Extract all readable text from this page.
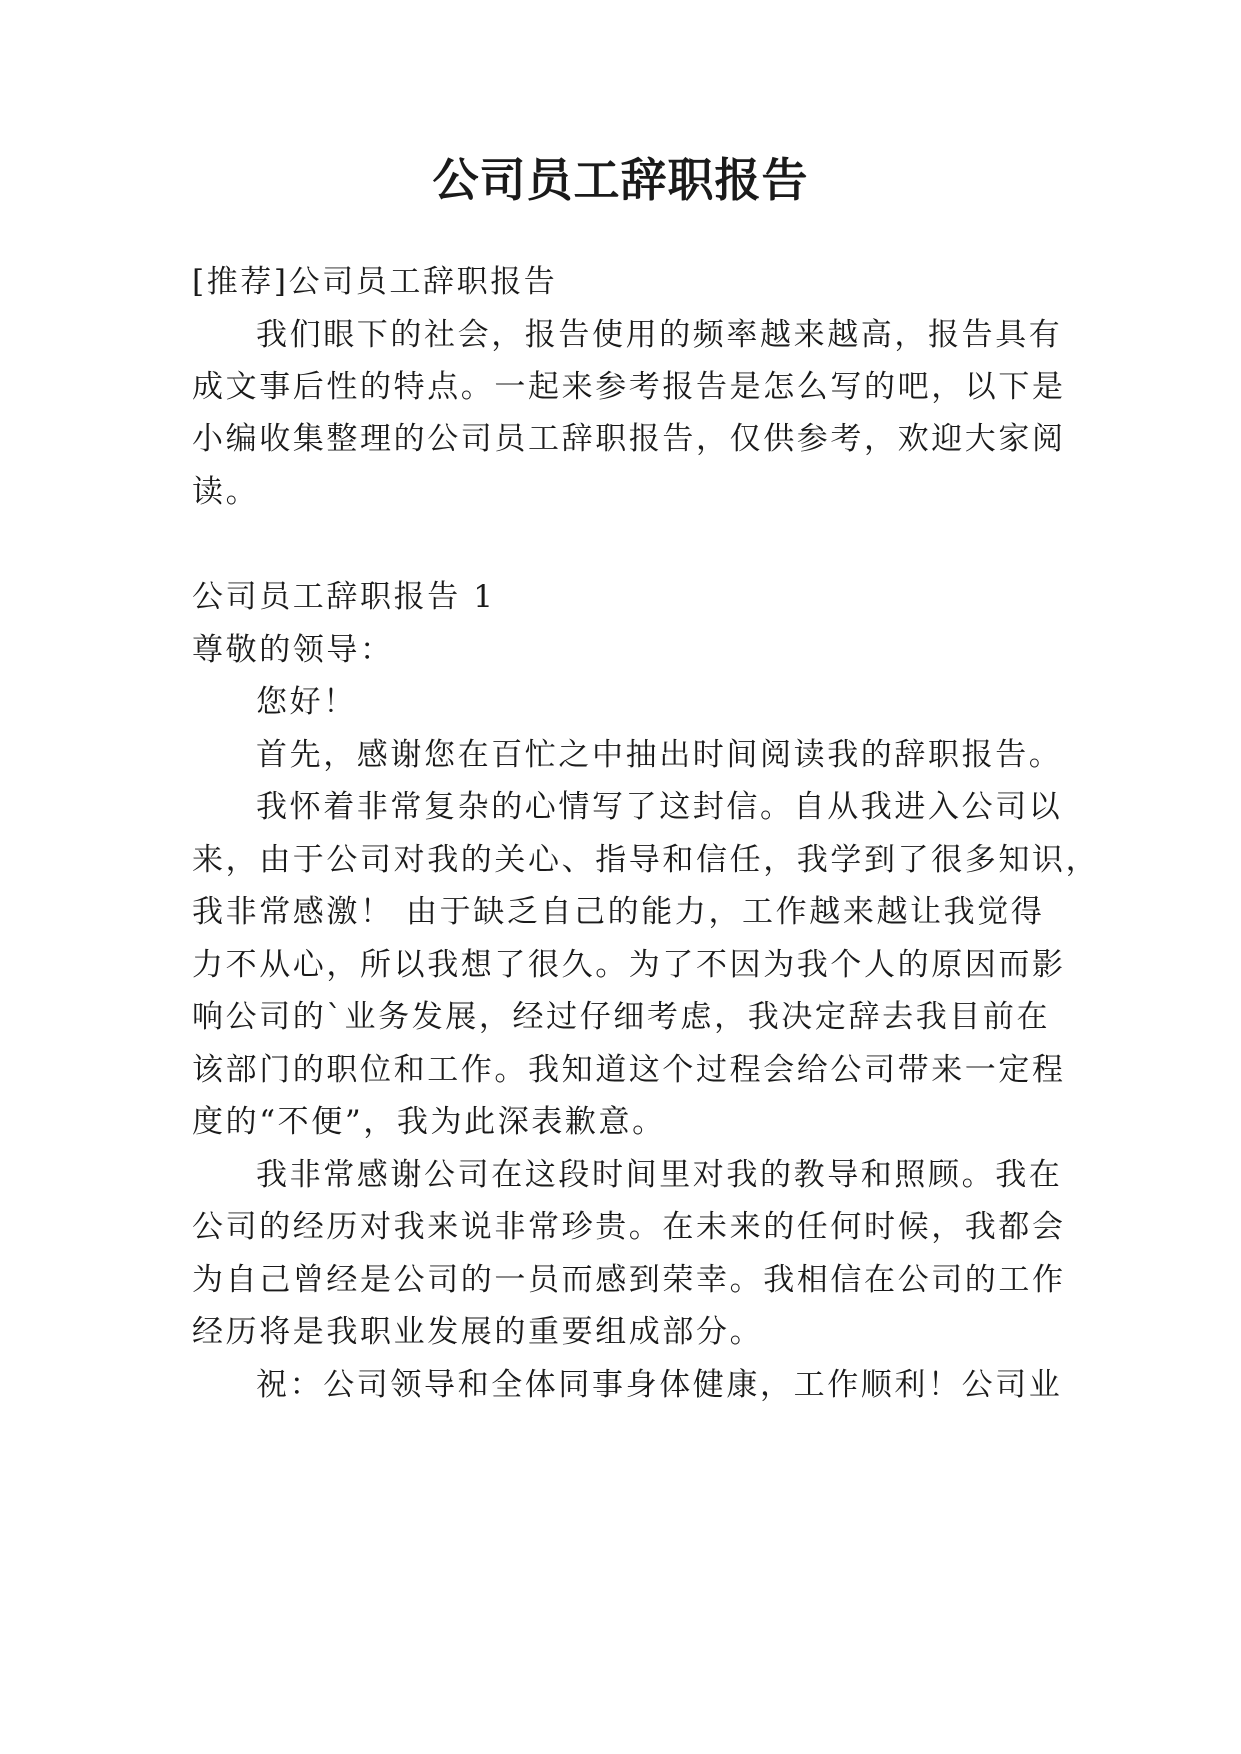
公司员工辞职报告

[推荐]公司员工辞职报告

我们眼下的社会，报告使用的频率越来越高，报告具有

成文事后性的特点。一起来参考报告是怎么写的吧，以下是

小编收集整理的公司员工辞职报告，仅供参考，欢迎大家阅

读。

公司员工辞职报告 1

尊敬的领导：

您好！

首先，感谢您在百忙之中抽出时间阅读我的辞职报告。

我怀着非常复杂的心情写了这封信。自从我进入公司以

来，由于公司对我的关心、指导和信任，我学到了很多知识，

我非常感激！ 由于缺乏自己的能力，工作越来越让我觉得

力不从心，所以我想了很久。为了不因为我个人的原因而影

响公司的`业务发展，经过仔细考虑，我决定辞去我目前在

该部门的职位和工作。我知道这个过程会给公司带来一定程

度的“不便”，我为此深表歉意。

我非常感谢公司在这段时间里对我的教导和照顾。我在

公司的经历对我来说非常珍贵。在未来的任何时候，我都会

为自己曾经是公司的一员而感到荣幸。我相信在公司的工作

经历将是我职业发展的重要组成部分。

祝：公司领导和全体同事身体健康，工作顺利！公司业
